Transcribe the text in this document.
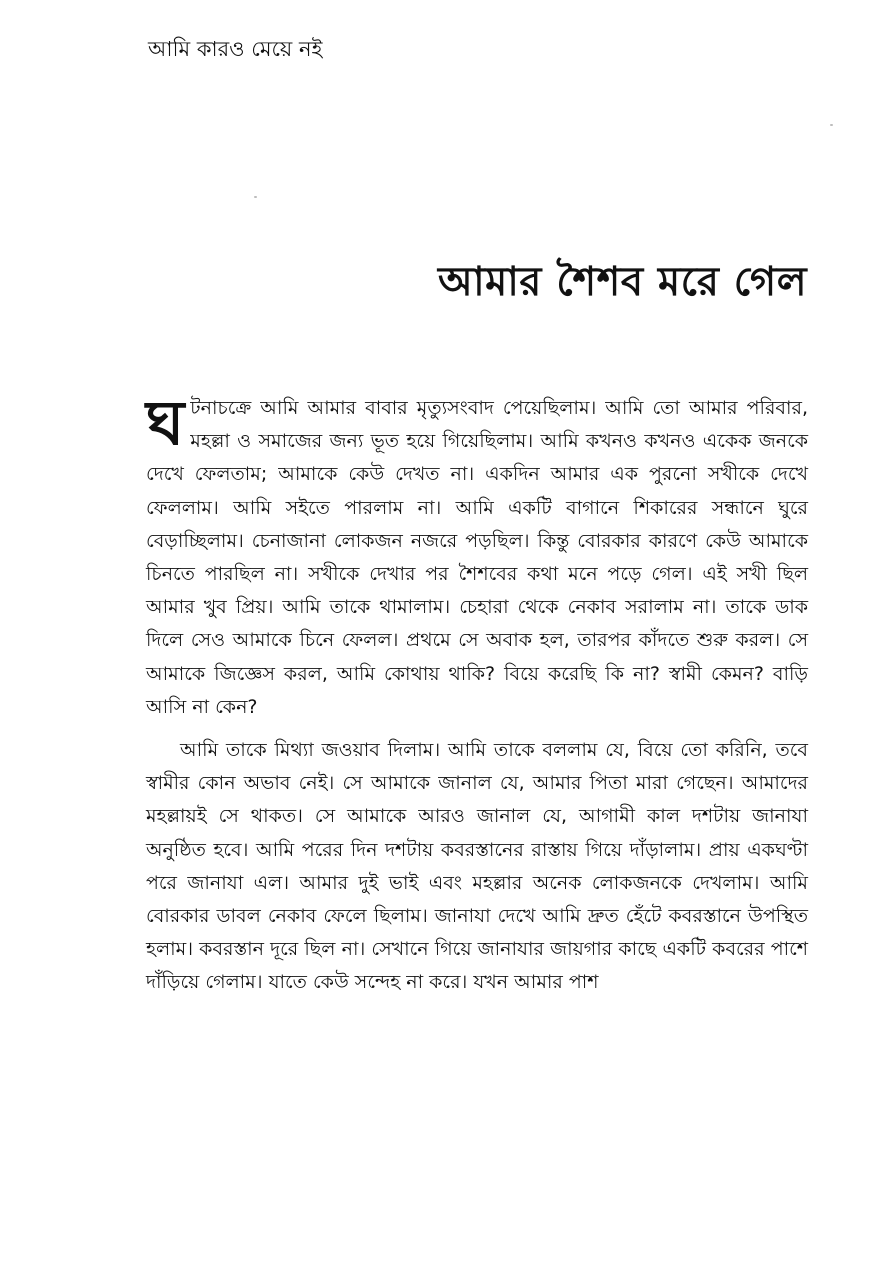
আমি কারও মেয়ে নই
আমার শৈশব মরে গেল

ঘটনাচক্রে আমি আমার বাবার মৃত্যুসংবাদ পেয়েছিলাম। আমি তো আমার পরিবার, মহল্লা ও সমাজের জন্য ভূত হয়ে গিয়েছিলাম। আমি কখনও কখনও একেক জনকে দেখে ফেলতাম; আমাকে কেউ দেখত না। একদিন আমার এক পুরনো সখীকে দেখে ফেললাম। আমি সইতে পারলাম না। আমি একটি বাগানে শিকারের সন্ধানে ঘুরে বেড়াচ্ছিলাম। চেনাজানা লোকজন নজরে পড়ছিল। কিন্তু বোরকার কারণে কেউ আমাকে চিনতে পারছিল না। সখীকে দেখার পর শৈশবের কথা মনে পড়ে গেল। এই সখী ছিল আমার খুব প্রিয়। আমি তাকে থামালাম। চেহারা থেকে নেকাব সরালাম না। তাকে ডাক দিলে সেও আমাকে চিনে ফেলল। প্রথমে সে অবাক হল, তারপর কাঁদতে শুরু করল। সে আমাকে জিজ্ঞেস করল, আমি কোথায় থাকি? বিয়ে করেছি কি না? স্বামী কেমন? বাড়ি আসি না কেন?

আমি তাকে মিথ্যা জওয়াব দিলাম। আমি তাকে বললাম যে, বিয়ে তো করিনি, তবে স্বামীর কোন অভাব নেই। সে আমাকে জানাল যে, আমার পিতা মারা গেছেন। আমাদের মহল্লায়ই সে থাকত। সে আমাকে আরও জানাল যে, আগামী কাল দশটায় জানাযা অনুষ্ঠিত হবে। আমি পরের দিন দশটায় কবরস্তানের রাস্তায় গিয়ে দাঁড়ালাম। প্রায় একঘণ্টা পরে জানাযা এল। আমার দুই ভাই এবং মহল্লার অনেক লোকজনকে দেখলাম। আমি বোরকার ডাবল নেকাব ফেলে ছিলাম। জানাযা দেখে আমি দ্রুত হেঁটে কবরস্তানে উপস্থিত হলাম। কবরস্তান দূরে ছিল না। সেখানে গিয়ে জানাযার জায়গার কাছে একটি কবরের পাশে দাঁড়িয়ে গেলাম। যাতে কেউ সন্দেহ না করে। যখন আমার পাশ
